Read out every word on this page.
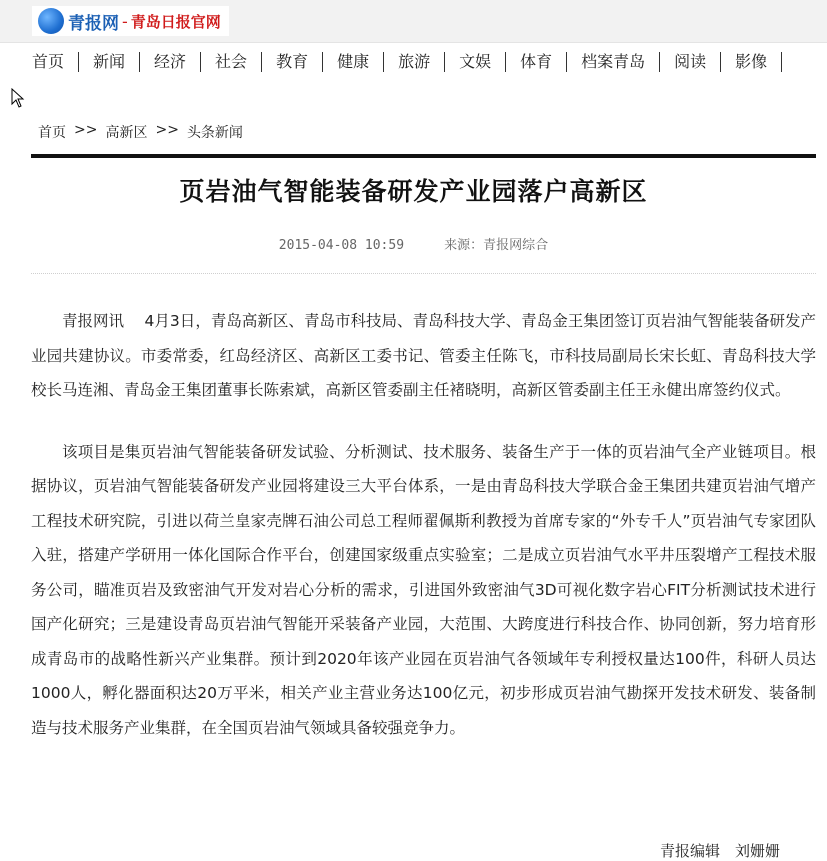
青报网 - 青岛日报官网
首页	新闻	经济	社会	教育	健康	旅游	文娱	体育	档案青岛	阅读	影像
首页 >> 高新区 >> 头条新闻
页岩油气智能装备研发产业园落户高新区
2015-04-08 10:59	来源：青报网综合

青报网讯　 4月3日，青岛高新区、青岛市科技局、青岛科技大学、青岛金王集团签订页岩油气智能装备研发产业园共建协议。市委常委，红岛经济区、高新区工委书记、管委主任陈飞，市科技局副局长宋长虹、青岛科技大学校长马连湘、青岛金王集团董事长陈索斌，高新区管委副主任褚晓明，高新区管委副主任王永健出席签约仪式。

该项目是集页岩油气智能装备研发试验、分析测试、技术服务、装备生产于一体的页岩油气全产业链项目。根据协议，页岩油气智能装备研发产业园将建设三大平台体系，一是由青岛科技大学联合金王集团共建页岩油气增产工程技术研究院，引进以荷兰皇家壳牌石油公司总工程师翟佩斯利教授为首席专家的“外专千人”页岩油气专家团队入驻，搭建产学研用一体化国际合作平台，创建国家级重点实验室；二是成立页岩油气水平井压裂增产工程技术服务公司，瞄准页岩及致密油气开发对岩心分析的需求，引进国外致密油气3D可视化数字岩心FIT分析测试技术进行国产化研究；三是建设青岛页岩油气智能开采装备产业园，大范围、大跨度进行科技合作、协同创新，努力培育形成青岛市的战略性新兴产业集群。预计到2020年该产业园在页岩油气各领域年专利授权量达100件，科研人员达1000人，孵化器面积达20万平米，相关产业主营业务达100亿元，初步形成页岩油气勘探开发技术研发、装备制造与技术服务产业集群，在全国页岩油气领域具备较强竞争力。

青报编辑　刘姗姗
